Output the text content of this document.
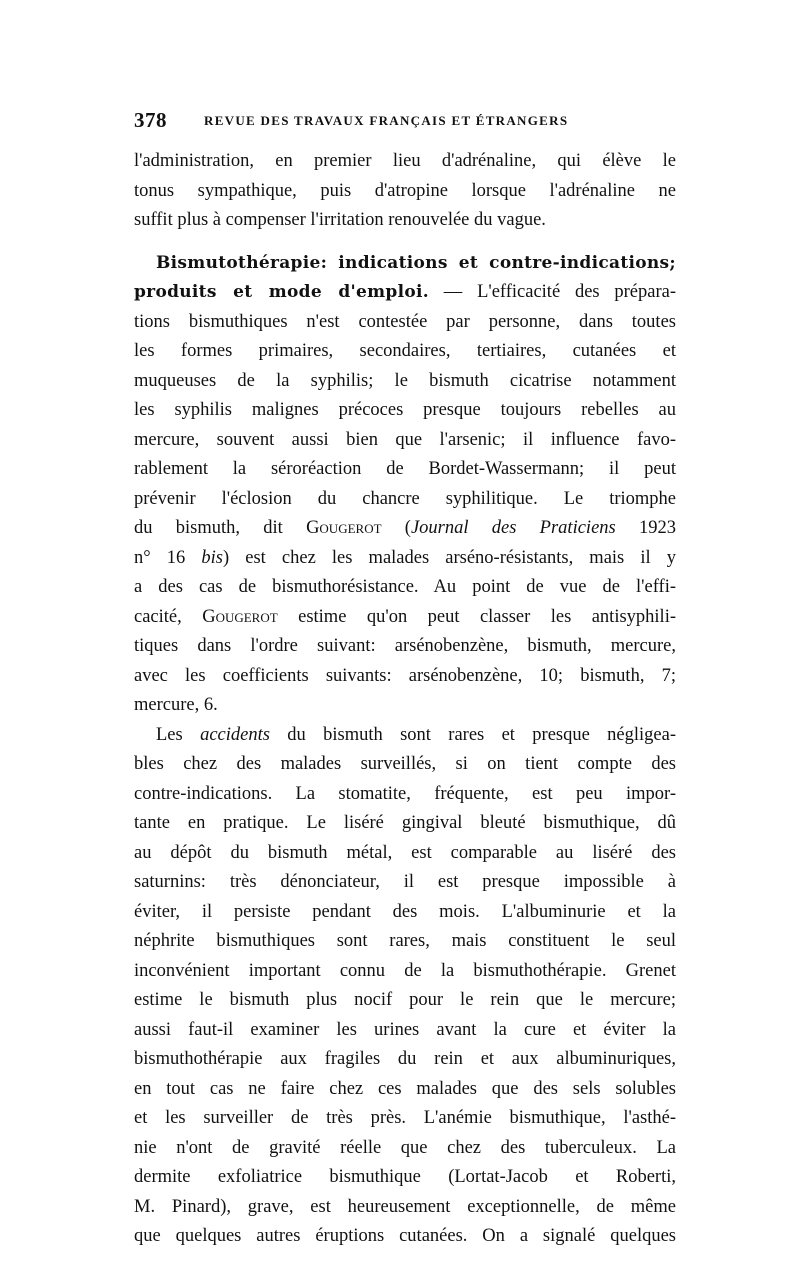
378	REVUE DES TRAVAUX FRANÇAIS ET ÉTRANGERS
l'administration, en premier lieu d'adrénaline, qui élève le
tonus sympathique, puis d'atropine lorsque l'adrénaline ne
suffit plus à compenser l'irritation renouvelée du vague.
Bismutothérapie: indications et contre-indications;
produits et mode d'emploi. — L'efficacité des prépara-
tions bismuthiques n'est contestée par personne, dans toutes
les formes primaires, secondaires, tertiaires, cutanées et
muqueuses de la syphilis; le bismuth cicatrise notamment
les syphilis malignes précoces presque toujours rebelles au
mercure, souvent aussi bien que l'arsenic; il influence favo-
rablement la séroréaction de Bordet-Wassermann; il peut
prévenir l'éclosion du chancre syphilitique. Le triomphe
du bismuth, dit Gougerot (Journal des Praticiens 1923
n° 16 bis) est chez les malades arséno-résistants, mais il y
a des cas de bismuthorésistance. Au point de vue de l'effi-
cacité, Gougerot estime qu'on peut classer les antisyphili-
tiques dans l'ordre suivant: arsénobenzène, bismuth, mercure,
avec les coefficients suivants: arsénobenzène, 10; bismuth, 7;
mercure, 6.
Les accidents du bismuth sont rares et presque négligea-
bles chez des malades surveillés, si on tient compte des
contre-indications. La stomatite, fréquente, est peu impor-
tante en pratique. Le liséré gingival bleuté bismuthique, dû
au dépôt du bismuth métal, est comparable au liséré des
saturnins: très dénonciateur, il est presque impossible à
éviter, il persiste pendant des mois. L'albuminurie et la
néphrite bismuthiques sont rares, mais constituent le seul
inconvénient important connu de la bismuthothérapie. Grenet
estime le bismuth plus nocif pour le rein que le mercure;
aussi faut-il examiner les urines avant la cure et éviter la
bismuthothérapie aux fragiles du rein et aux albuminuriques,
en tout cas ne faire chez ces malades que des sels solubles
et les surveiller de très près. L'anémie bismuthique, l'asthé-
nie n'ont de gravité réelle que chez des tuberculeux. La
dermite exfoliatrice bismuthique (Lortat-Jacob et Roberti,
M. Pinard), grave, est heureusement exceptionnelle, de même
que quelques autres éruptions cutanées. On a signalé quelques
